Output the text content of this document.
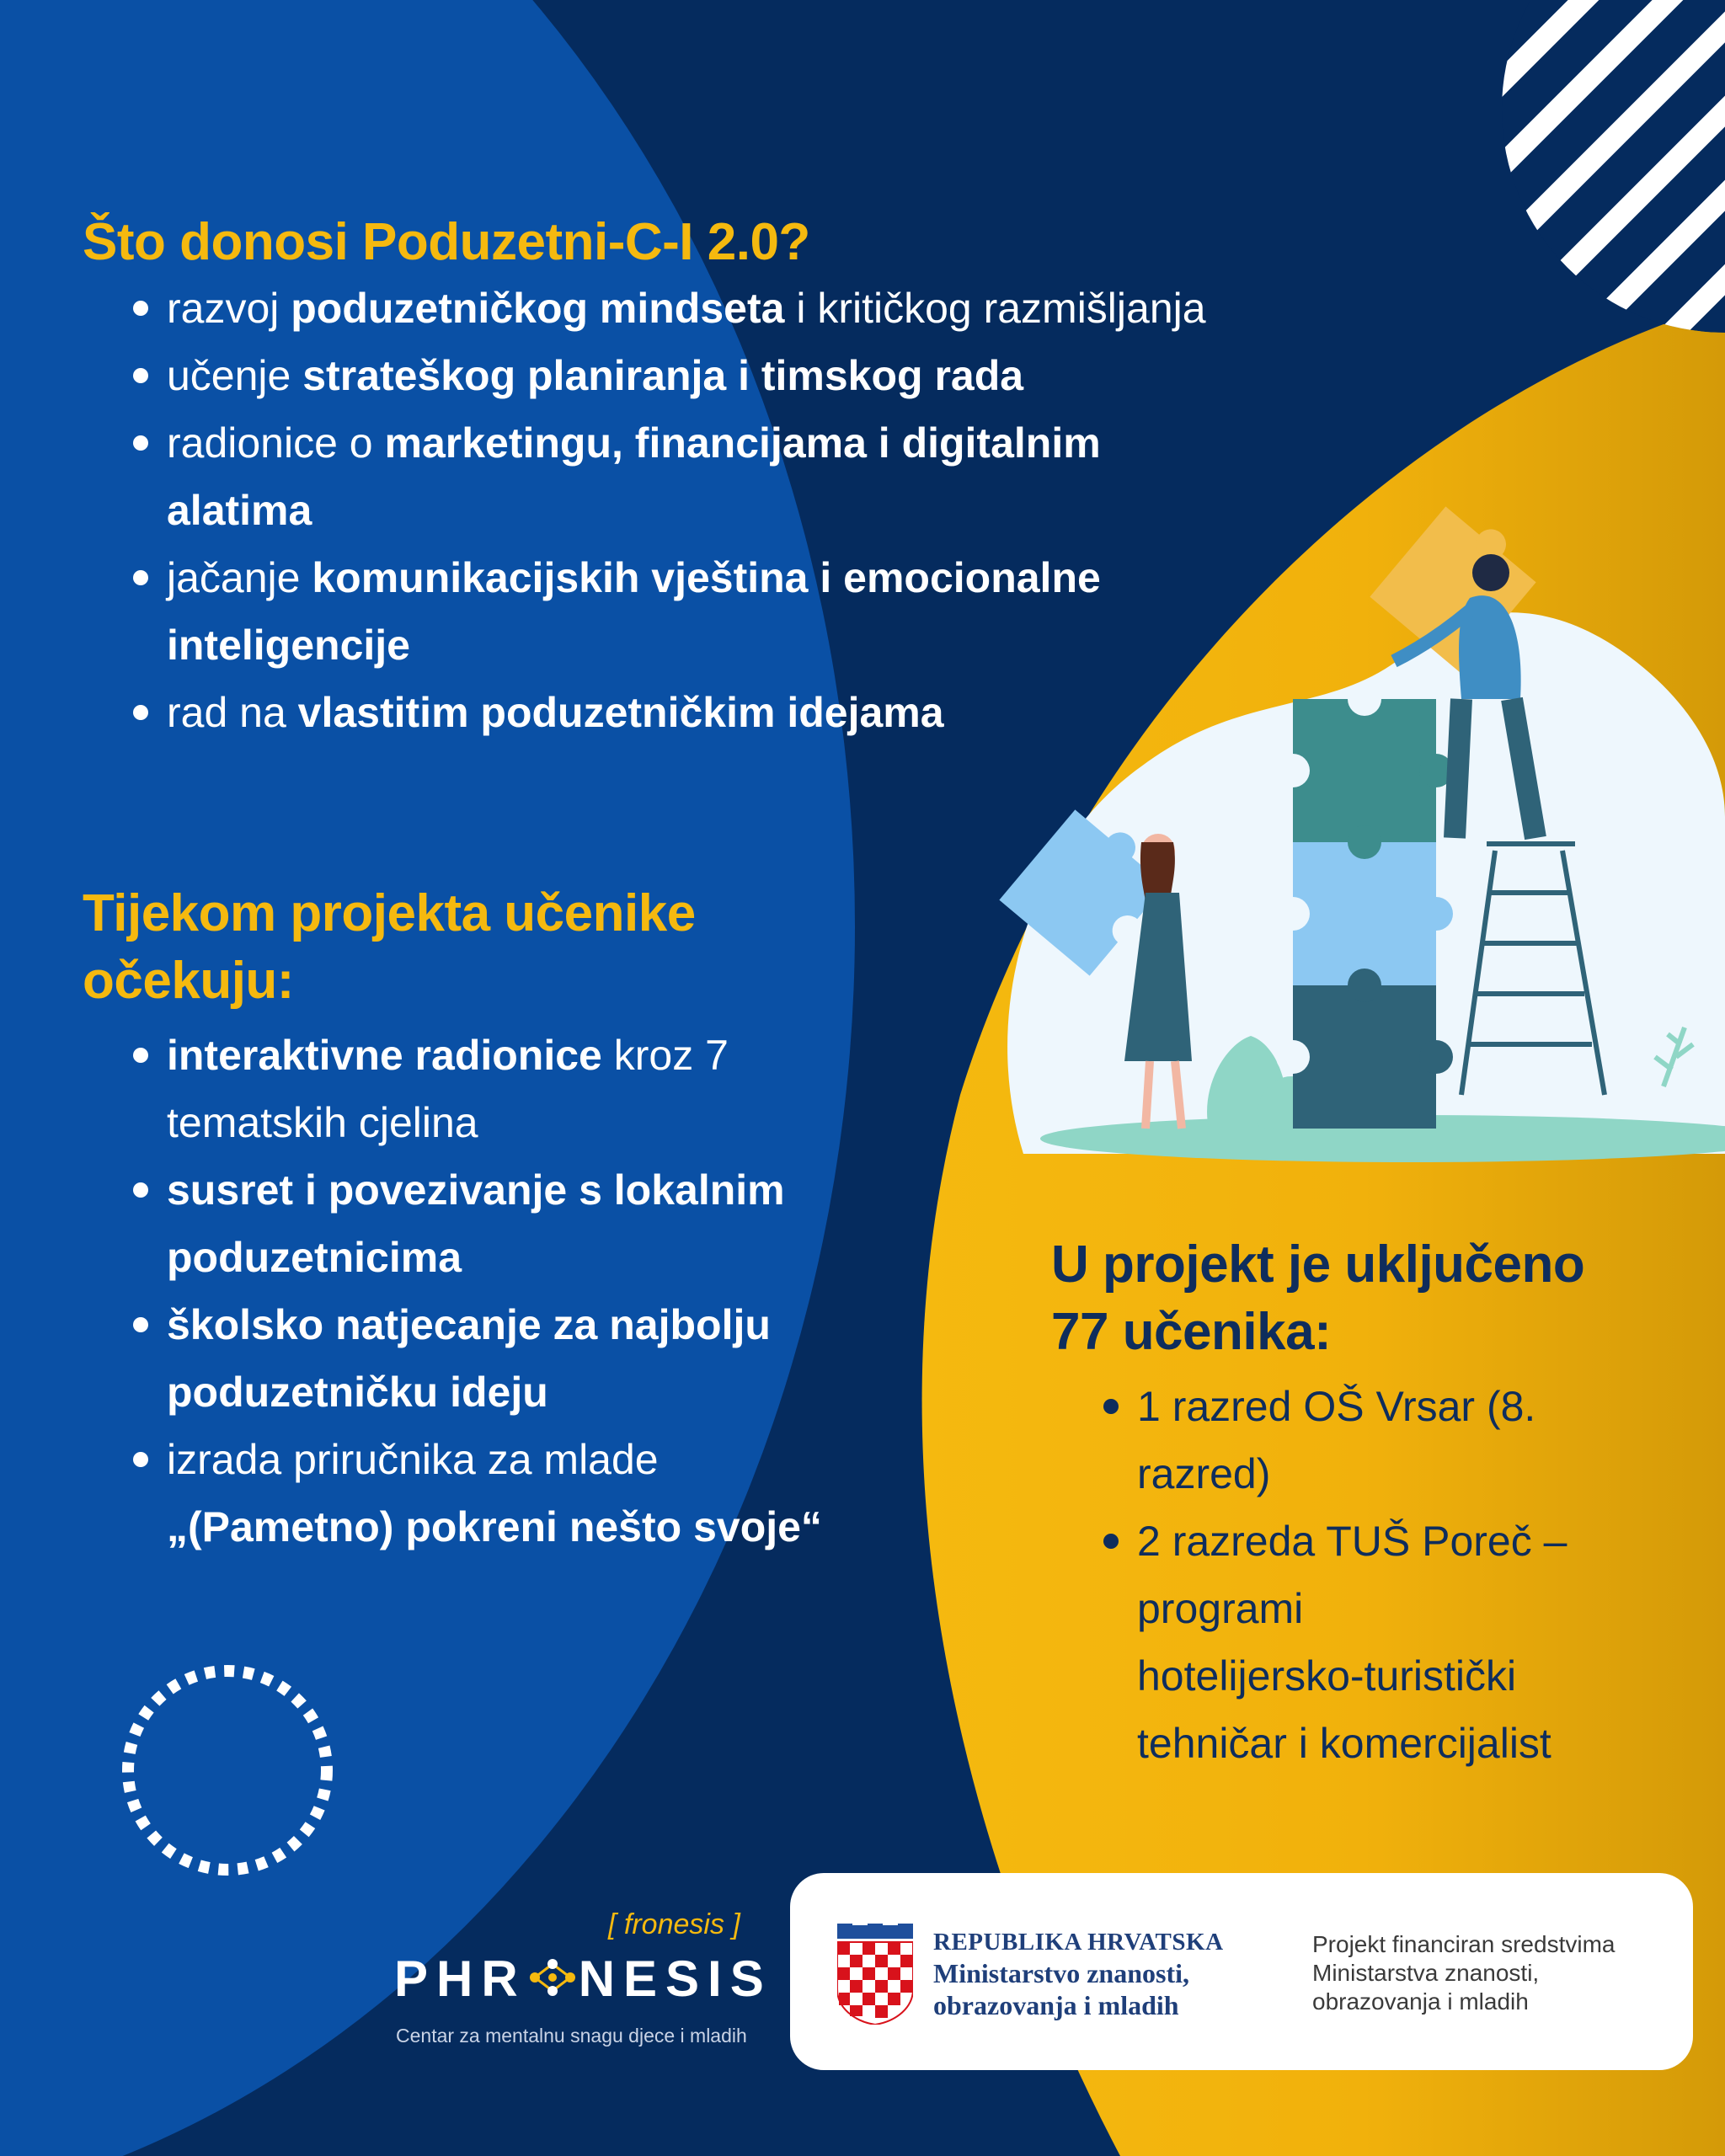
Što donosi Poduzetni-C-I 2.0?
razvoj poduzetničkog mindseta i kritičkog razmišljanja
učenje strateškog planiranja i timskog rada
radionice o marketingu, financijama i digitalnim
alatima
jačanje komunikacijskih vještina i emocionalne
inteligencije
rad na vlastitim poduzetničkim idejama
Tijekom projekta učenike
očekuju:
interaktivne radionice kroz 7
tematskih cjelina
susret i povezivanje s lokalnim
poduzetnicima
školsko natjecanje za najbolju
poduzetničku ideju
izrada priručnika za mlade
„(Pametno) pokreni nešto svoje“
U projekt je uključeno
77 učenika:
1 razred OŠ Vrsar (8.
razred)
2 razreda TUŠ Poreč –
programi
hotelijersko-turistički
tehničar i komercijalist
[ fronesis ]
PHR NESIS
Centar za mentalnu snagu djece i mladih
REPUBLIKA HRVATSKA
Ministarstvo znanosti,
obrazovanja i mladih
Projekt financiran sredstvima
Ministarstva znanosti,
obrazovanja i mladih
